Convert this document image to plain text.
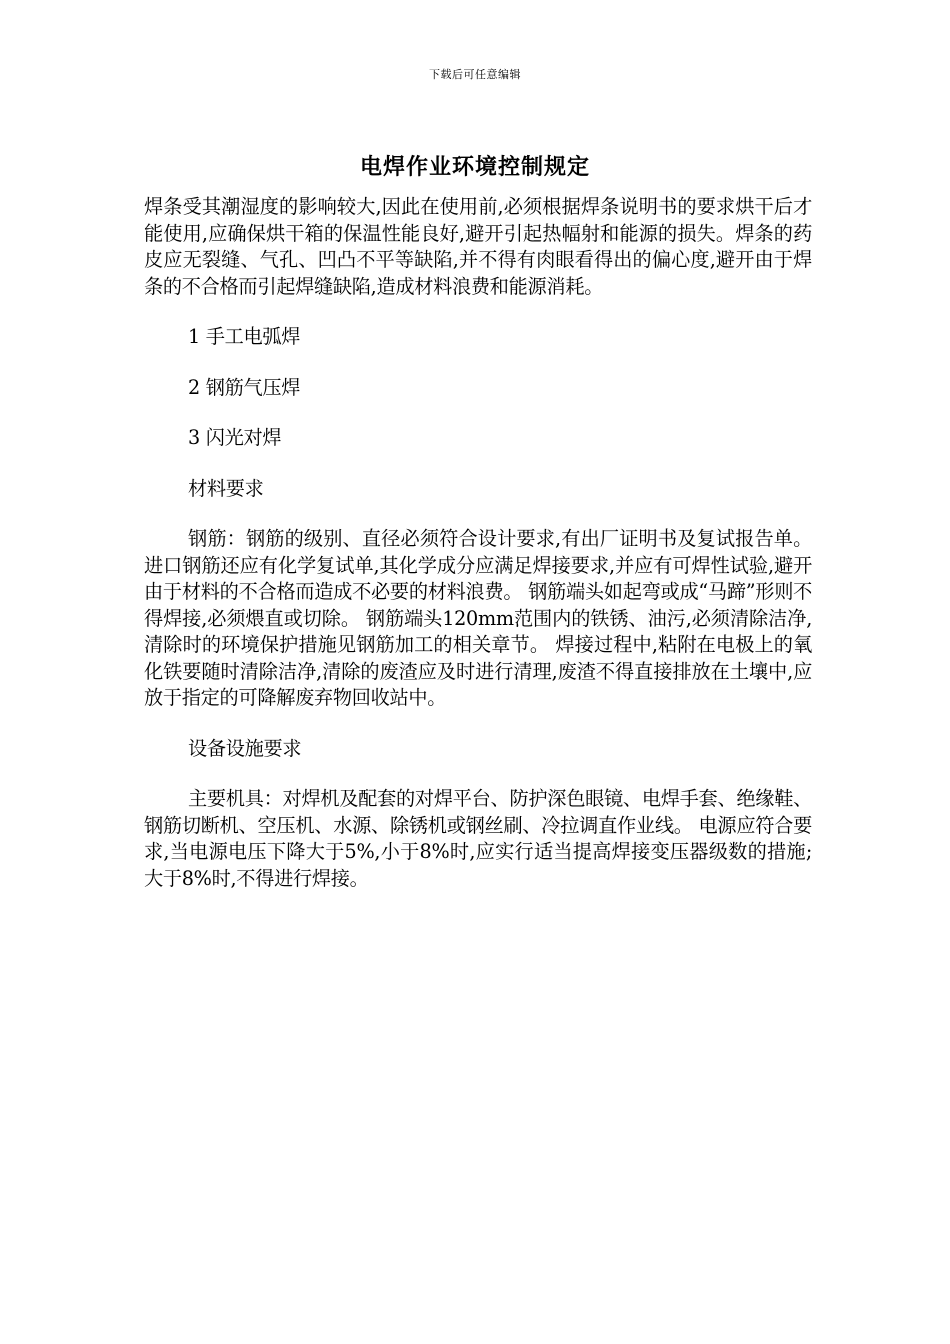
下载后可任意编辑
电焊作业环境控制规定

焊条受其潮湿度的影响较大,因此在使用前,必须根据焊条说明书的要求烘干后才能使用,应确保烘干箱的保温性能良好,避开引起热幅射和能源的损失。焊条的药皮应无裂缝、气孔、凹凸不平等缺陷,并不得有肉眼看得出的偏心度,避开由于焊条的不合格而引起焊缝缺陷,造成材料浪费和能源消耗。

1 手工电弧焊

2 钢筋气压焊

3 闪光对焊

材料要求

钢筋：钢筋的级别、直径必须符合设计要求,有出厂证明书及复试报告单。进口钢筋还应有化学复试单,其化学成分应满足焊接要求,并应有可焊性试验,避开由于材料的不合格而造成不必要的材料浪费。 钢筋端头如起弯或成“马蹄”形则不得焊接,必须煨直或切除。 钢筋端头120mm范围内的铁锈、油污,必须清除洁净,清除时的环境保护措施见钢筋加工的相关章节。 焊接过程中,粘附在电极上的氧化铁要随时清除洁净,清除的废渣应及时进行清理,废渣不得直接排放在土壤中,应放于指定的可降解废弃物回收站中。

设备设施要求

主要机具：对焊机及配套的对焊平台、防护深色眼镜、电焊手套、绝缘鞋、钢筋切断机、空压机、水源、除锈机或钢丝刷、冷拉调直作业线。 电源应符合要求,当电源电压下降大于5%,小于8%时,应实行适当提高焊接变压器级数的措施;大于8%时,不得进行焊接。
